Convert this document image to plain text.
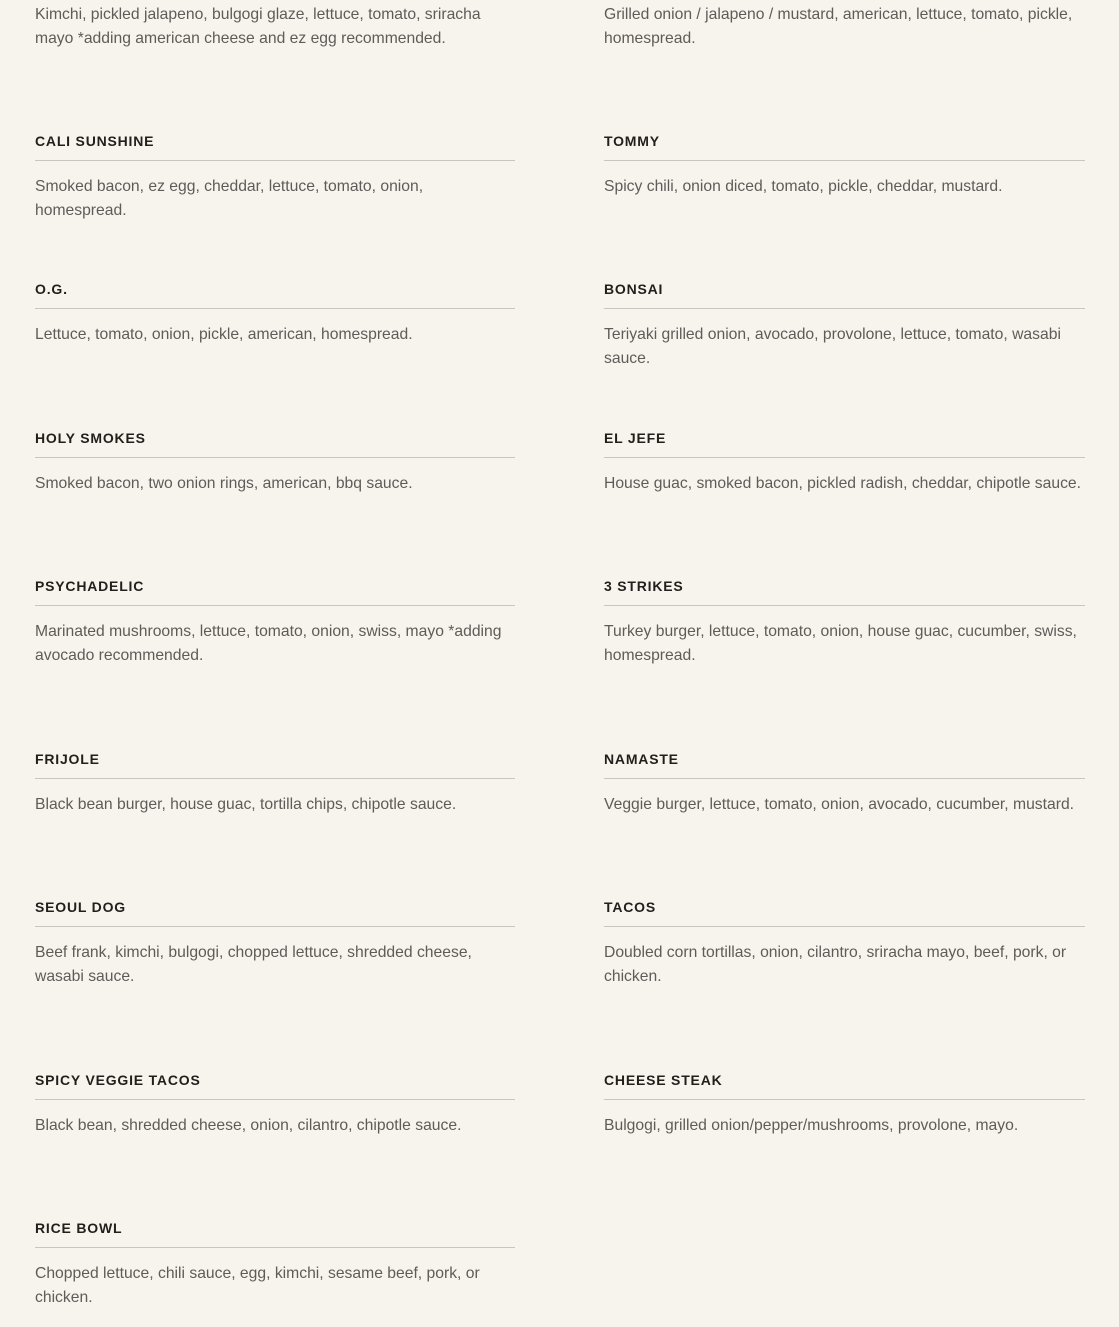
Kimchi, pickled jalapeno, bulgogi glaze, lettuce, tomato, sriracha mayo *adding american cheese and ez egg recommended.

Grilled onion / jalapeno / mustard, american, lettuce, tomato, pickle, homespread.

CALI SUNSHINE

Smoked bacon, ez egg, cheddar, lettuce, tomato, onion, homespread.

TOMMY

Spicy chili, onion diced, tomato, pickle, cheddar, mustard.

O.G.

Lettuce, tomato, onion, pickle, american, homespread.

BONSAI

Teriyaki grilled onion, avocado, provolone, lettuce, tomato, wasabi sauce.

HOLY SMOKES

Smoked bacon, two onion rings, american, bbq sauce.

EL JEFE

House guac, smoked bacon, pickled radish, cheddar, chipotle sauce.

PSYCHADELIC

Marinated mushrooms, lettuce, tomato, onion, swiss, mayo *adding avocado recommended.

3 STRIKES

Turkey burger, lettuce, tomato, onion, house guac, cucumber, swiss, homespread.

FRIJOLE

Black bean burger, house guac, tortilla chips, chipotle sauce.

NAMASTE

Veggie burger, lettuce, tomato, onion, avocado, cucumber, mustard.

SEOUL DOG

Beef frank, kimchi, bulgogi, chopped lettuce, shredded cheese, wasabi sauce.

TACOS

Doubled corn tortillas, onion, cilantro, sriracha mayo, beef, pork, or chicken.

SPICY VEGGIE TACOS

Black bean, shredded cheese, onion, cilantro, chipotle sauce.

CHEESE STEAK

Bulgogi, grilled onion/pepper/mushrooms, provolone, mayo.

RICE BOWL

Chopped lettuce, chili sauce, egg, kimchi, sesame beef, pork, or chicken.
